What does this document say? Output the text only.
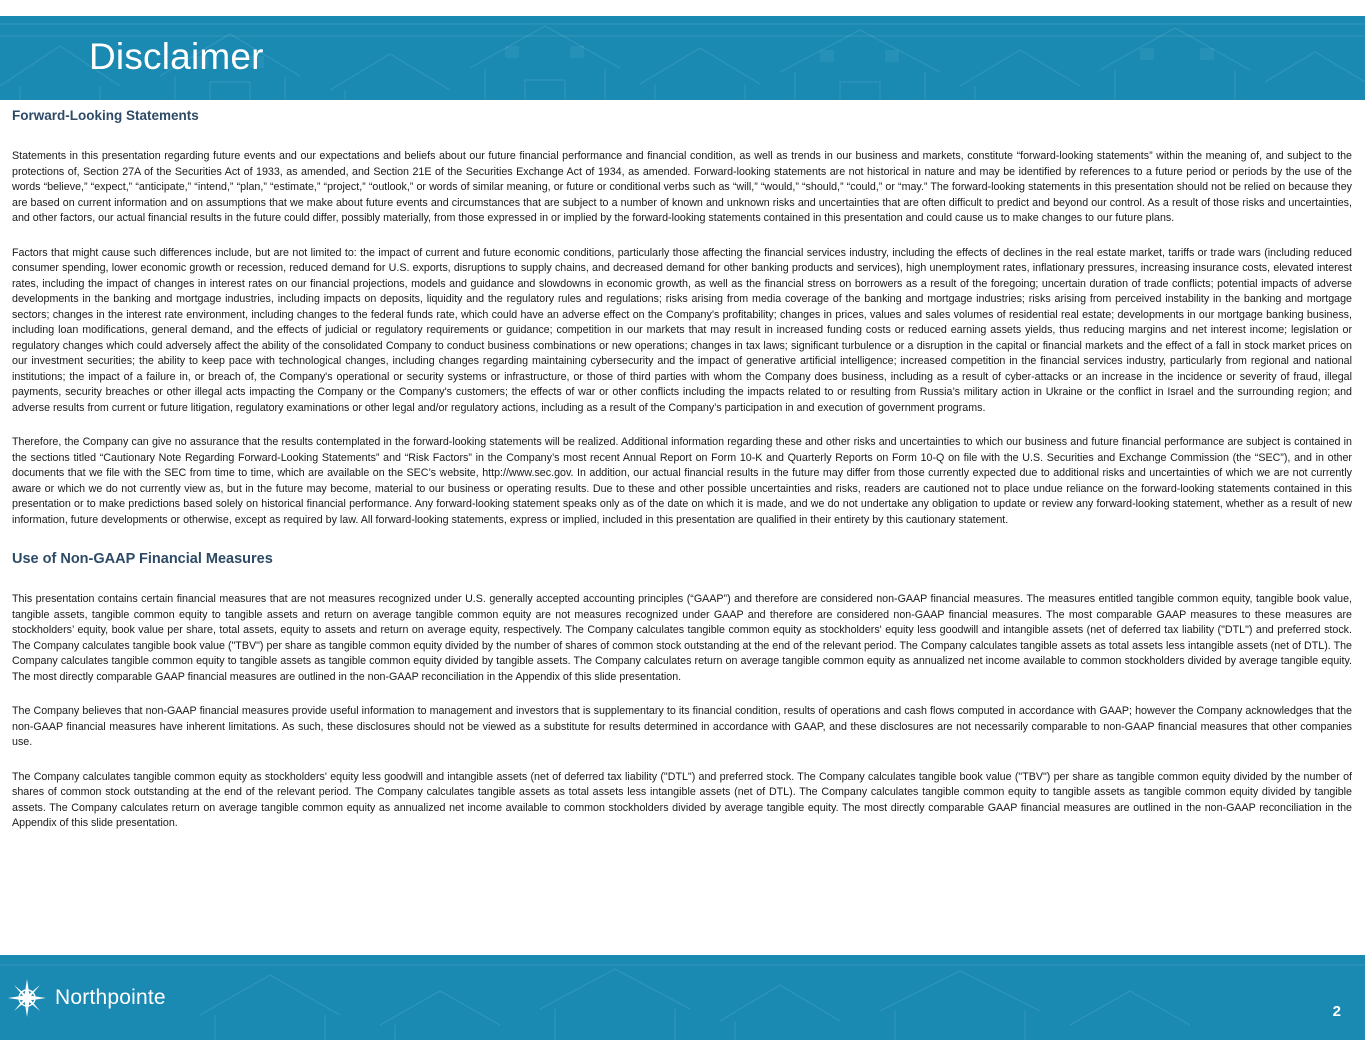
Disclaimer
Forward-Looking Statements

Statements in this presentation regarding future events and our expectations and beliefs about our future financial performance and financial condition, as well as trends in our business and markets, constitute “forward-looking statements” within the meaning of, and subject to the protections of, Section 27A of the Securities Act of 1933, as amended, and Section 21E of the Securities Exchange Act of 1934, as amended. Forward-looking statements are not historical in nature and may be identified by references to a future period or periods by the use of the words “believe,” “expect,” “anticipate,” “intend,” “plan,” “estimate,” “project,” “outlook,” or words of similar meaning, or future or conditional verbs such as “will,” “would,” “should,” “could,” or “may.” The forward-looking statements in this presentation should not be relied on because they are based on current information and on assumptions that we make about future events and circumstances that are subject to a number of known and unknown risks and uncertainties that are often difficult to predict and beyond our control. As a result of those risks and uncertainties, and other factors, our actual financial results in the future could differ, possibly materially, from those expressed in or implied by the forward-looking statements contained in this presentation and could cause us to make changes to our future plans.

Factors that might cause such differences include, but are not limited to: the impact of current and future economic conditions, particularly those affecting the financial services industry, including the effects of declines in the real estate market, tariffs or trade wars (including reduced consumer spending, lower economic growth or recession, reduced demand for U.S. exports, disruptions to supply chains, and decreased demand for other banking products and services), high unemployment rates, inflationary pressures, increasing insurance costs, elevated interest rates, including the impact of changes in interest rates on our financial projections, models and guidance and slowdowns in economic growth, as well as the financial stress on borrowers as a result of the foregoing; uncertain duration of trade conflicts; potential impacts of adverse developments in the banking and mortgage industries, including impacts on deposits, liquidity and the regulatory rules and regulations; risks arising from media coverage of the banking and mortgage industries; risks arising from perceived instability in the banking and mortgage sectors; changes in the interest rate environment, including changes to the federal funds rate, which could have an adverse effect on the Company’s profitability; changes in prices, values and sales volumes of residential real estate; developments in our mortgage banking business, including loan modifications, general demand, and the effects of judicial or regulatory requirements or guidance; competition in our markets that may result in increased funding costs or reduced earning assets yields, thus reducing margins and net interest income; legislation or regulatory changes which could adversely affect the ability of the consolidated Company to conduct business combinations or new operations; changes in tax laws; significant turbulence or a disruption in the capital or financial markets and the effect of a fall in stock market prices on our investment securities; the ability to keep pace with technological changes, including changes regarding maintaining cybersecurity and the impact of generative artificial intelligence; increased competition in the financial services industry, particularly from regional and national institutions; the impact of a failure in, or breach of, the Company's operational or security systems or infrastructure, or those of third parties with whom the Company does business, including as a result of cyber-attacks or an increase in the incidence or severity of fraud, illegal payments, security breaches or other illegal acts impacting the Company or the Company's customers; the effects of war or other conflicts including the impacts related to or resulting from Russia’s military action in Ukraine or the conflict in Israel and the surrounding region; and adverse results from current or future litigation, regulatory examinations or other legal and/or regulatory actions, including as a result of the Company’s participation in and execution of government programs.

Therefore, the Company can give no assurance that the results contemplated in the forward-looking statements will be realized. Additional information regarding these and other risks and uncertainties to which our business and future financial performance are subject is contained in the sections titled “Cautionary Note Regarding Forward-Looking Statements” and “Risk Factors” in the Company’s most recent Annual Report on Form 10-K and Quarterly Reports on Form 10-Q on file with the U.S. Securities and Exchange Commission (the “SEC”), and in other documents that we file with the SEC from time to time, which are available on the SEC’s website, http://www.sec.gov. In addition, our actual financial results in the future may differ from those currently expected due to additional risks and uncertainties of which we are not currently aware or which we do not currently view as, but in the future may become, material to our business or operating results. Due to these and other possible uncertainties and risks, readers are cautioned not to place undue reliance on the forward-looking statements contained in this presentation or to make predictions based solely on historical financial performance. Any forward-looking statement speaks only as of the date on which it is made, and we do not undertake any obligation to update or review any forward-looking statement, whether as a result of new information, future developments or otherwise, except as required by law. All forward-looking statements, express or implied, included in this presentation are qualified in their entirety by this cautionary statement.

Use of Non-GAAP Financial Measures

This presentation contains certain financial measures that are not measures recognized under U.S. generally accepted accounting principles (“GAAP”) and therefore are considered non-GAAP financial measures. The measures entitled tangible common equity, tangible book value, tangible assets, tangible common equity to tangible assets and return on average tangible common equity are not measures recognized under GAAP and therefore are considered non-GAAP financial measures. The most comparable GAAP measures to these measures are stockholders’ equity, book value per share, total assets, equity to assets and return on average equity, respectively. The Company calculates tangible common equity as stockholders' equity less goodwill and intangible assets (net of deferred tax liability ("DTL") and preferred stock. The Company calculates tangible book value ("TBV") per share as tangible common equity divided by the number of shares of common stock outstanding at the end of the relevant period. The Company calculates tangible assets as total assets less intangible assets (net of DTL). The Company calculates tangible common equity to tangible assets as tangible common equity divided by tangible assets. The Company calculates return on average tangible common equity as annualized net income available to common stockholders divided by average tangible equity. The most directly comparable GAAP financial measures are outlined in the non-GAAP reconciliation in the Appendix of this slide presentation.

The Company believes that non-GAAP financial measures provide useful information to management and investors that is supplementary to its financial condition, results of operations and cash flows computed in accordance with GAAP; however the Company acknowledges that the non-GAAP financial measures have inherent limitations. As such, these disclosures should not be viewed as a substitute for results determined in accordance with GAAP, and these disclosures are not necessarily comparable to non-GAAP financial measures that other companies use.

The Company calculates tangible common equity as stockholders' equity less goodwill and intangible assets (net of deferred tax liability ("DTL") and preferred stock. The Company calculates tangible book value ("TBV") per share as tangible common equity divided by the number of shares of common stock outstanding at the end of the relevant period. The Company calculates tangible assets as total assets less intangible assets (net of DTL). The Company calculates tangible common equity to tangible assets as tangible common equity divided by tangible assets. The Company calculates return on average tangible common equity as annualized net income available to common stockholders divided by average tangible equity. The most directly comparable GAAP financial measures are outlined in the non-GAAP reconciliation in the Appendix of this slide presentation.

Northpointe
2
